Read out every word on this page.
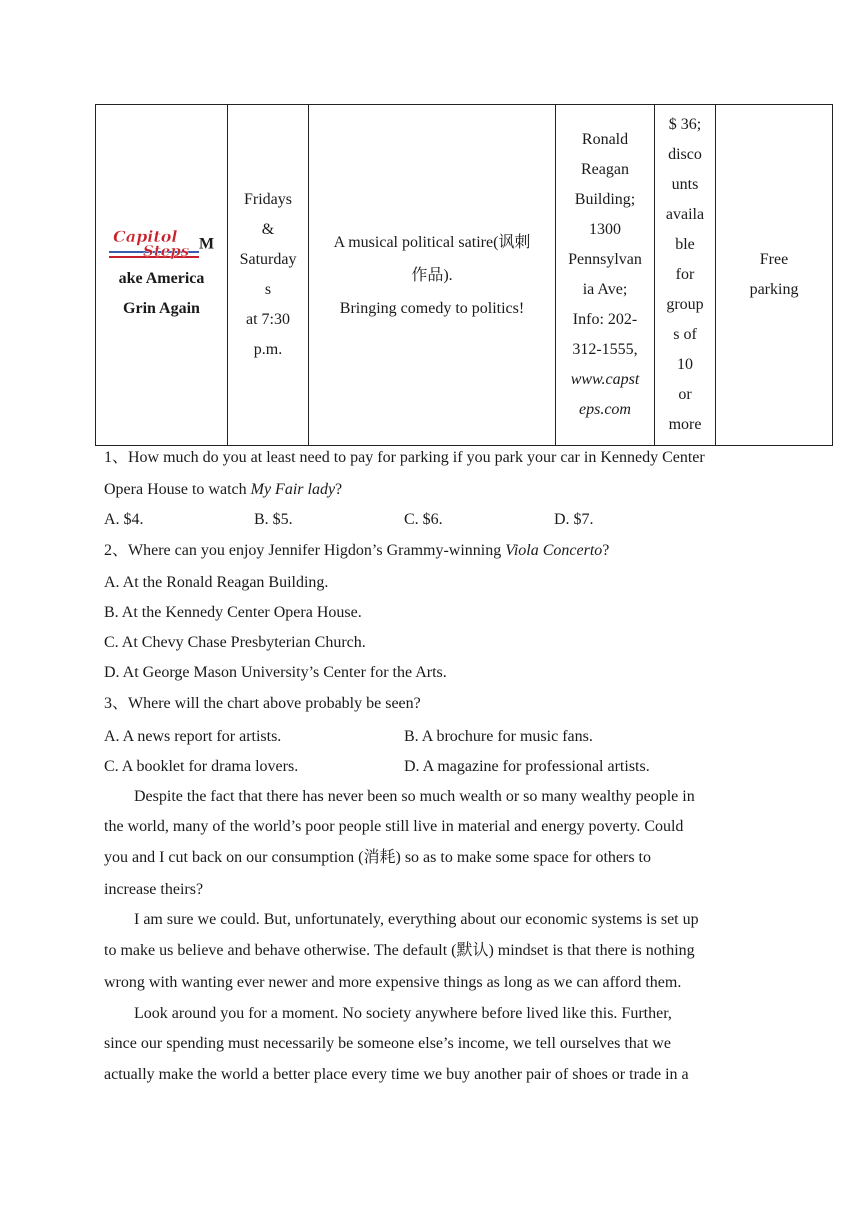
Capitol
Steps M
ake America
Grin Again

Fridays
&
Saturday
s
at 7:30
p.m.

A musical political satire(讽刺
作品).
Bringing comedy to politics!

Ronald
Reagan
Building;
1300
Pennsylvan
ia Ave;
Info: 202-
312-1555,
www.capst
eps.com

$ 36;
disco
unts
availa
ble
for
group
s of
10
or
more

Free
parking
1、How much do you at least need to pay for parking if you park your car in Kennedy Center
Opera House to watch My Fair lady?
A. $4.	B. $5.	C. $6.	D. $7.
2、Where can you enjoy Jennifer Higdon’s Grammy-winning Viola Concerto?
A. At the Ronald Reagan Building.
B. At the Kennedy Center Opera House.
C. At Chevy Chase Presbyterian Church.
D. At George Mason University’s Center for the Arts.
3、Where will the chart above probably be seen?
A. A news report for artists.	B. A brochure for music fans.
C. A booklet for drama lovers.	D. A magazine for professional artists.
Despite the fact that there has never been so much wealth or so many wealthy people in
the world, many of the world’s poor people still live in material and energy poverty. Could
you and I cut back on our consumption (消耗) so as to make some space for others to
increase theirs?
I am sure we could. But, unfortunately, everything about our economic systems is set up
to make us believe and behave otherwise. The default (默认) mindset is that there is nothing
wrong with wanting ever newer and more expensive things as long as we can afford them.
Look around you for a moment. No society anywhere before lived like this. Further,
since our spending must necessarily be someone else’s income, we tell ourselves that we
actually make the world a better place every time we buy another pair of shoes or trade in a
